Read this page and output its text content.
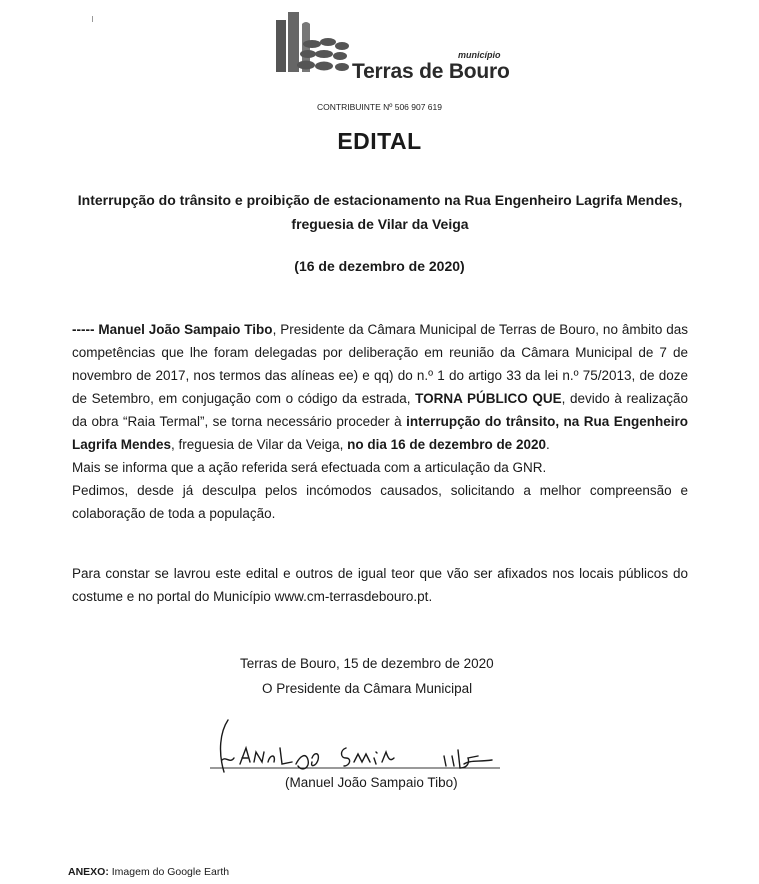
município
Terras de Bouro
CONTRIBUINTE Nº 506 907 619
EDITAL
Interrupção do trânsito e proibição de estacionamento na Rua Engenheiro Lagrifa Mendes, freguesia de Vilar da Veiga
(16 de dezembro de 2020)

----- Manuel João Sampaio Tibo, Presidente da Câmara Municipal de Terras de Bouro, no âmbito das competências que lhe foram delegadas por deliberação em reunião da Câmara Municipal de 7 de novembro de 2017, nos termos das alíneas ee) e qq) do n.º 1 do artigo 33 da lei n.º 75/2013, de doze de Setembro, em conjugação com o código da estrada, TORNA PÚBLICO QUE, devido à realização da obra “Raia Termal”, se torna necessário proceder à interrupção do trânsito, na Rua Engenheiro Lagrifa Mendes, freguesia de Vilar da Veiga, no dia 16 de dezembro de 2020.

Mais se informa que a ação referida será efectuada com a articulação da GNR.

Pedimos, desde já desculpa pelos incómodos causados, solicitando a melhor compreensão e colaboração de toda a população.

Para constar se lavrou este edital e outros de igual teor que vão ser afixados nos locais públicos do costume e no portal do Município www.cm-terrasdebouro.pt.
Terras de Bouro, 15 de dezembro de 2020
O Presidente da Câmara Municipal
(Manuel João Sampaio Tibo)
ANEXO: Imagem do Google Earth
